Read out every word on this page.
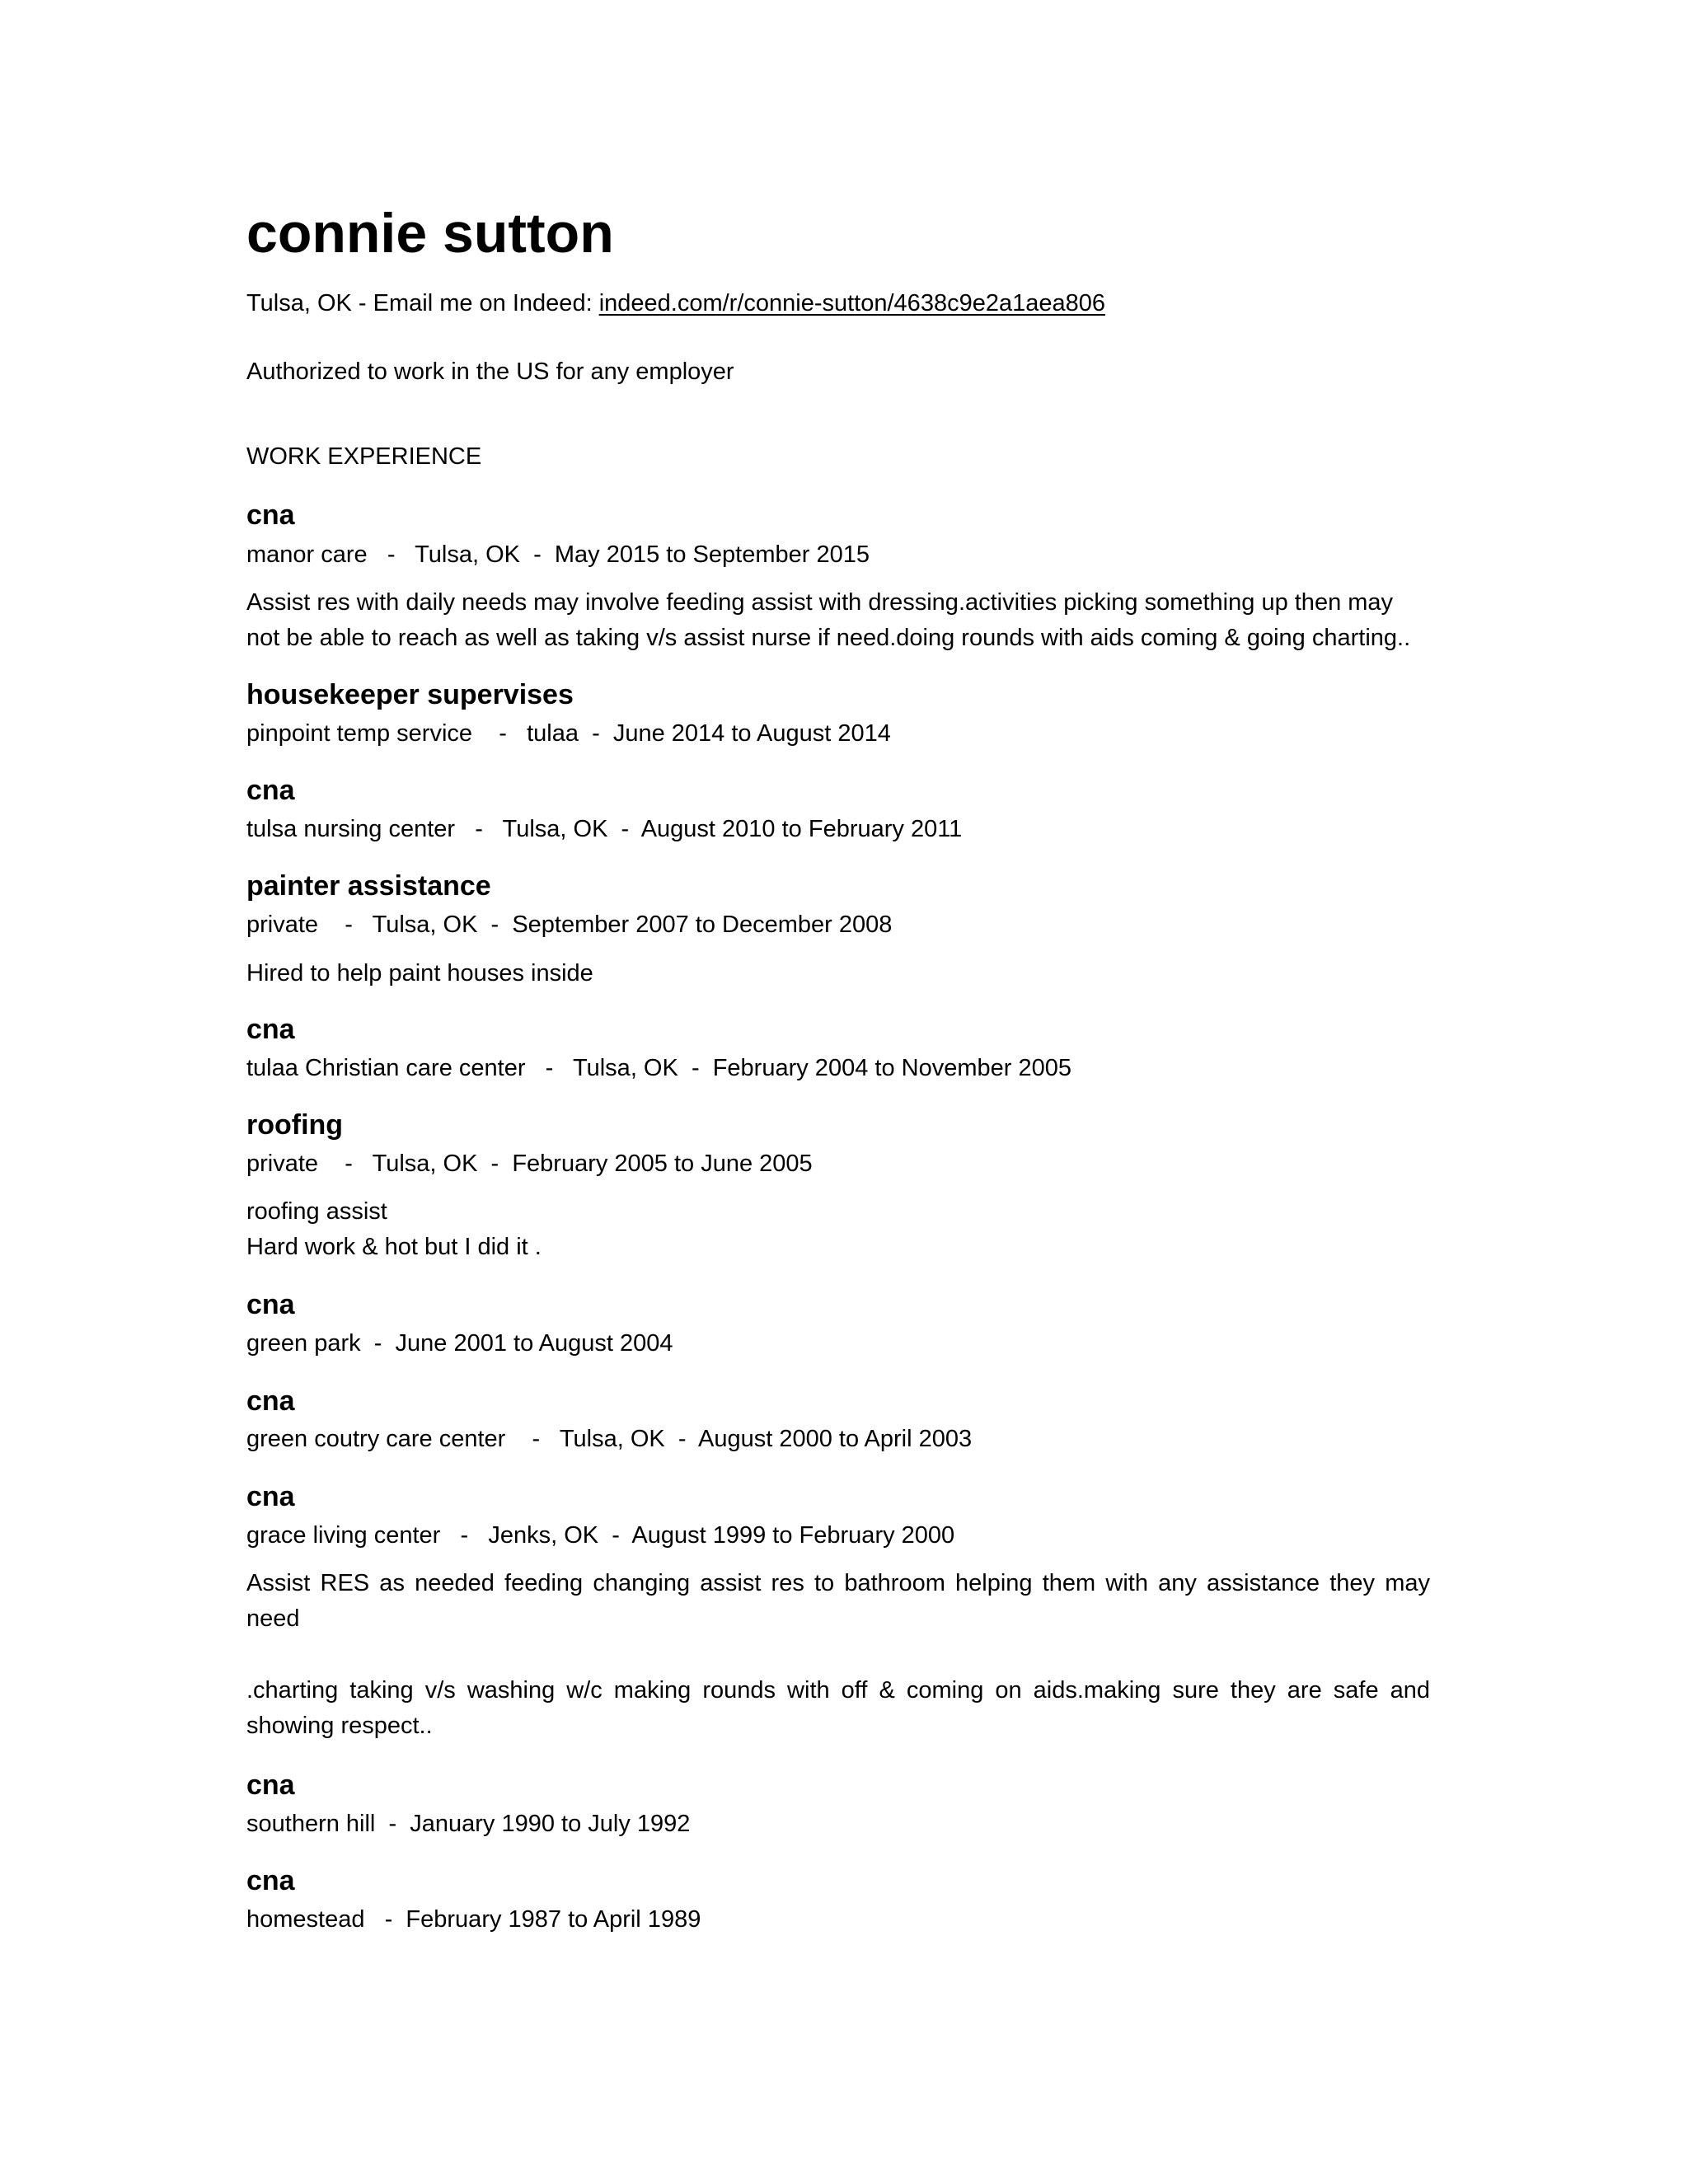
connie sutton
Tulsa, OK - Email me on Indeed: indeed.com/r/connie-sutton/4638c9e2a1aea806
Authorized to work in the US for any employer
WORK EXPERIENCE
cna
manor care   -   Tulsa, OK  -  May 2015 to September 2015

Assist res with daily needs may involve feeding assist with dressing.activities picking something up then may not be able to reach as well as taking v/s assist nurse if need.doing rounds with aids coming & going charting..

housekeeper supervises
pinpoint temp service    -   tulaa  -  June 2014 to August 2014
cna
tulsa nursing center   -   Tulsa, OK  -  August 2010 to February 2011
painter assistance
private    -   Tulsa, OK  -  September 2007 to December 2008

Hired to help paint houses inside

cna
tulaa Christian care center   -   Tulsa, OK  -  February 2004 to November 2005
roofing
private    -   Tulsa, OK  -  February 2005 to June 2005

roofing assist

Hard work & hot but I did it .

cna
green park  -  June 2001 to August 2004
cna
green coutry care center    -   Tulsa, OK  -  August 2000 to April 2003
cna
grace living center   -   Jenks, OK  -  August 1999 to February 2000

Assist RES as needed feeding changing assist res to bathroom helping them with any assistance they may need

.charting taking v/s washing w/c making rounds with off & coming on aids.making sure they are safe and showing respect..

cna
southern hill  -  January 1990 to July 1992
cna
homestead   -  February 1987 to April 1989
